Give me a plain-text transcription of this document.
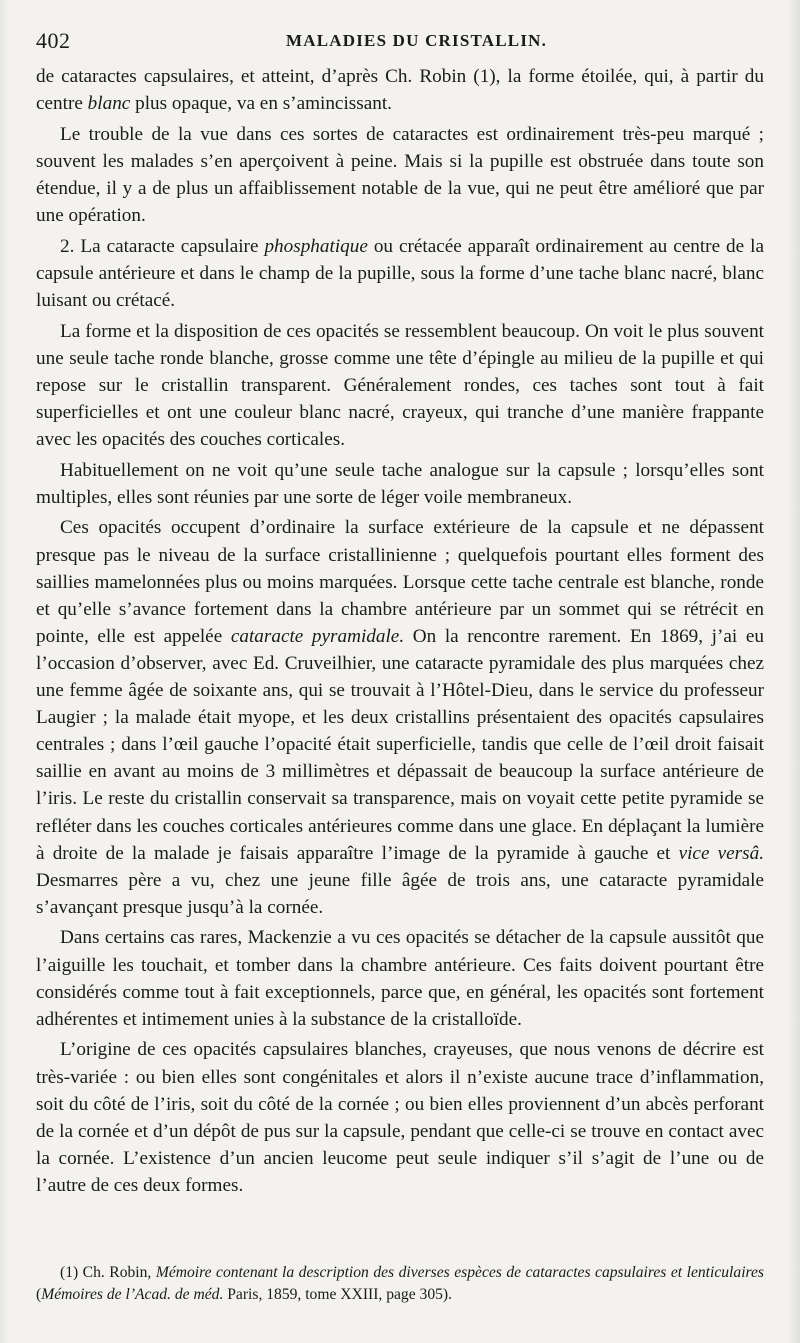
402	MALADIES DU CRISTALLIN.

de cataractes capsulaires, et atteint, d’après Ch. Robin (1), la forme étoilée, qui, à partir du centre blanc plus opaque, va en s’amincissant.

Le trouble de la vue dans ces sortes de cataractes est ordinairement très-peu marqué ; souvent les malades s’en aperçoivent à peine. Mais si la pupille est obstruée dans toute son étendue, il y a de plus un affaiblissement notable de la vue, qui ne peut être amélioré que par une opération.

2. La cataracte capsulaire phosphatique ou crétacée apparaît ordinairement au centre de la capsule antérieure et dans le champ de la pupille, sous la forme d’une tache blanc nacré, blanc luisant ou crétacé.

La forme et la disposition de ces opacités se ressemblent beaucoup. On voit le plus souvent une seule tache ronde blanche, grosse comme une tête d’épingle au milieu de la pupille et qui repose sur le cristallin transparent. Généralement rondes, ces taches sont tout à fait superficielles et ont une couleur blanc nacré, crayeux, qui tranche d’une manière frappante avec les opacités des couches corticales.

Habituellement on ne voit qu’une seule tache analogue sur la capsule ; lorsqu’elles sont multiples, elles sont réunies par une sorte de léger voile membraneux.

Ces opacités occupent d’ordinaire la surface extérieure de la capsule et ne dépassent presque pas le niveau de la surface cristallinienne ; quelquefois pourtant elles forment des saillies mamelonnées plus ou moins marquées. Lorsque cette tache centrale est blanche, ronde et qu’elle s’avance fortement dans la chambre antérieure par un sommet qui se rétrécit en pointe, elle est appelée cataracte pyramidale. On la rencontre rarement. En 1869, j’ai eu l’occasion d’observer, avec Ed. Cruveilhier, une cataracte pyramidale des plus marquées chez une femme âgée de soixante ans, qui se trouvait à l’Hôtel-Dieu, dans le service du professeur Laugier ; la malade était myope, et les deux cristallins présentaient des opacités capsulaires centrales ; dans l’œil gauche l’opacité était superficielle, tandis que celle de l’œil droit faisait saillie en avant au moins de 3 millimètres et dépassait de beaucoup la surface antérieure de l’iris. Le reste du cristallin conservait sa transparence, mais on voyait cette petite pyramide se refléter dans les couches corticales antérieures comme dans une glace. En déplaçant la lumière à droite de la malade je faisais apparaître l’image de la pyramide à gauche et vice versâ. Desmarres père a vu, chez une jeune fille âgée de trois ans, une cataracte pyramidale s’avançant presque jusqu’à la cornée.

Dans certains cas rares, Mackenzie a vu ces opacités se détacher de la capsule aussitôt que l’aiguille les touchait, et tomber dans la chambre antérieure. Ces faits doivent pourtant être considérés comme tout à fait exceptionnels, parce que, en général, les opacités sont fortement adhérentes et intimement unies à la substance de la cristalloïde.

L’origine de ces opacités capsulaires blanches, crayeuses, que nous venons de décrire est très-variée : ou bien elles sont congénitales et alors il n’existe aucune trace d’inflammation, soit du côté de l’iris, soit du côté de la cornée ; ou bien elles proviennent d’un abcès perforant de la cornée et d’un dépôt de pus sur la capsule, pendant que celle-ci se trouve en contact avec la cornée. L’existence d’un ancien leucome peut seule indiquer s’il s’agit de l’une ou de l’autre de ces deux formes.

(1) Ch. Robin, Mémoire contenant la description des diverses espèces de cataractes capsulaires et lenticulaires (Mémoires de l’Acad. de méd. Paris, 1859, tome XXIII, page 305).
